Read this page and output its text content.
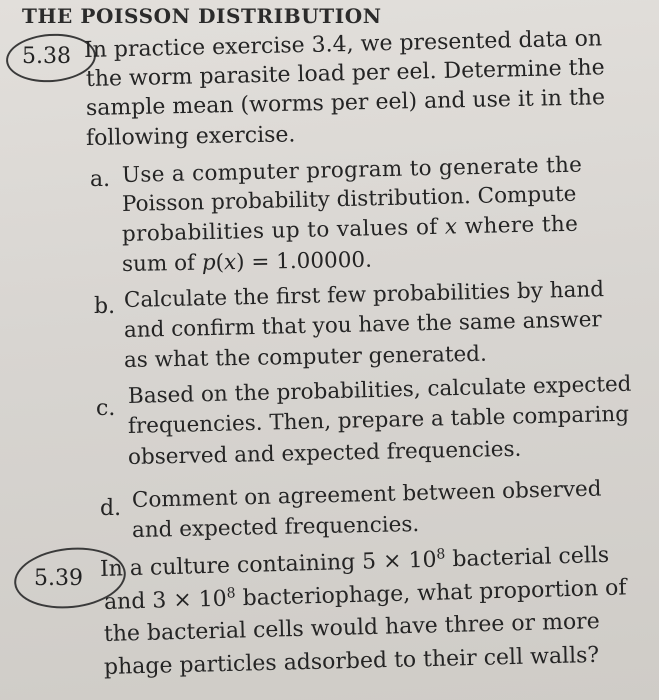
THE POISSON DISTRIBUTION
5.38 In practice exercise 3.4, we presented data on
the worm parasite load per eel. Determine the
sample mean (worms per eel) and use it in the
following exercise.
a. Use a computer program to generate the
Poisson probability distribution. Compute
probabilities up to values of x where the
sum of p(x) = 1.00000.
b. Calculate the first few probabilities by hand
and confirm that you have the same answer
as what the computer generated.
c. Based on the probabilities, calculate expected
frequencies. Then, prepare a table comparing
observed and expected frequencies.
d. Comment on agreement between observed
and expected frequencies.
5.39 In a culture containing $5 \times 10^8$ bacterial cells
and $3 \times 10^8$ bacteriophage, what proportion of
the bacterial cells would have three or more
phage particles adsorbed to their cell walls?
